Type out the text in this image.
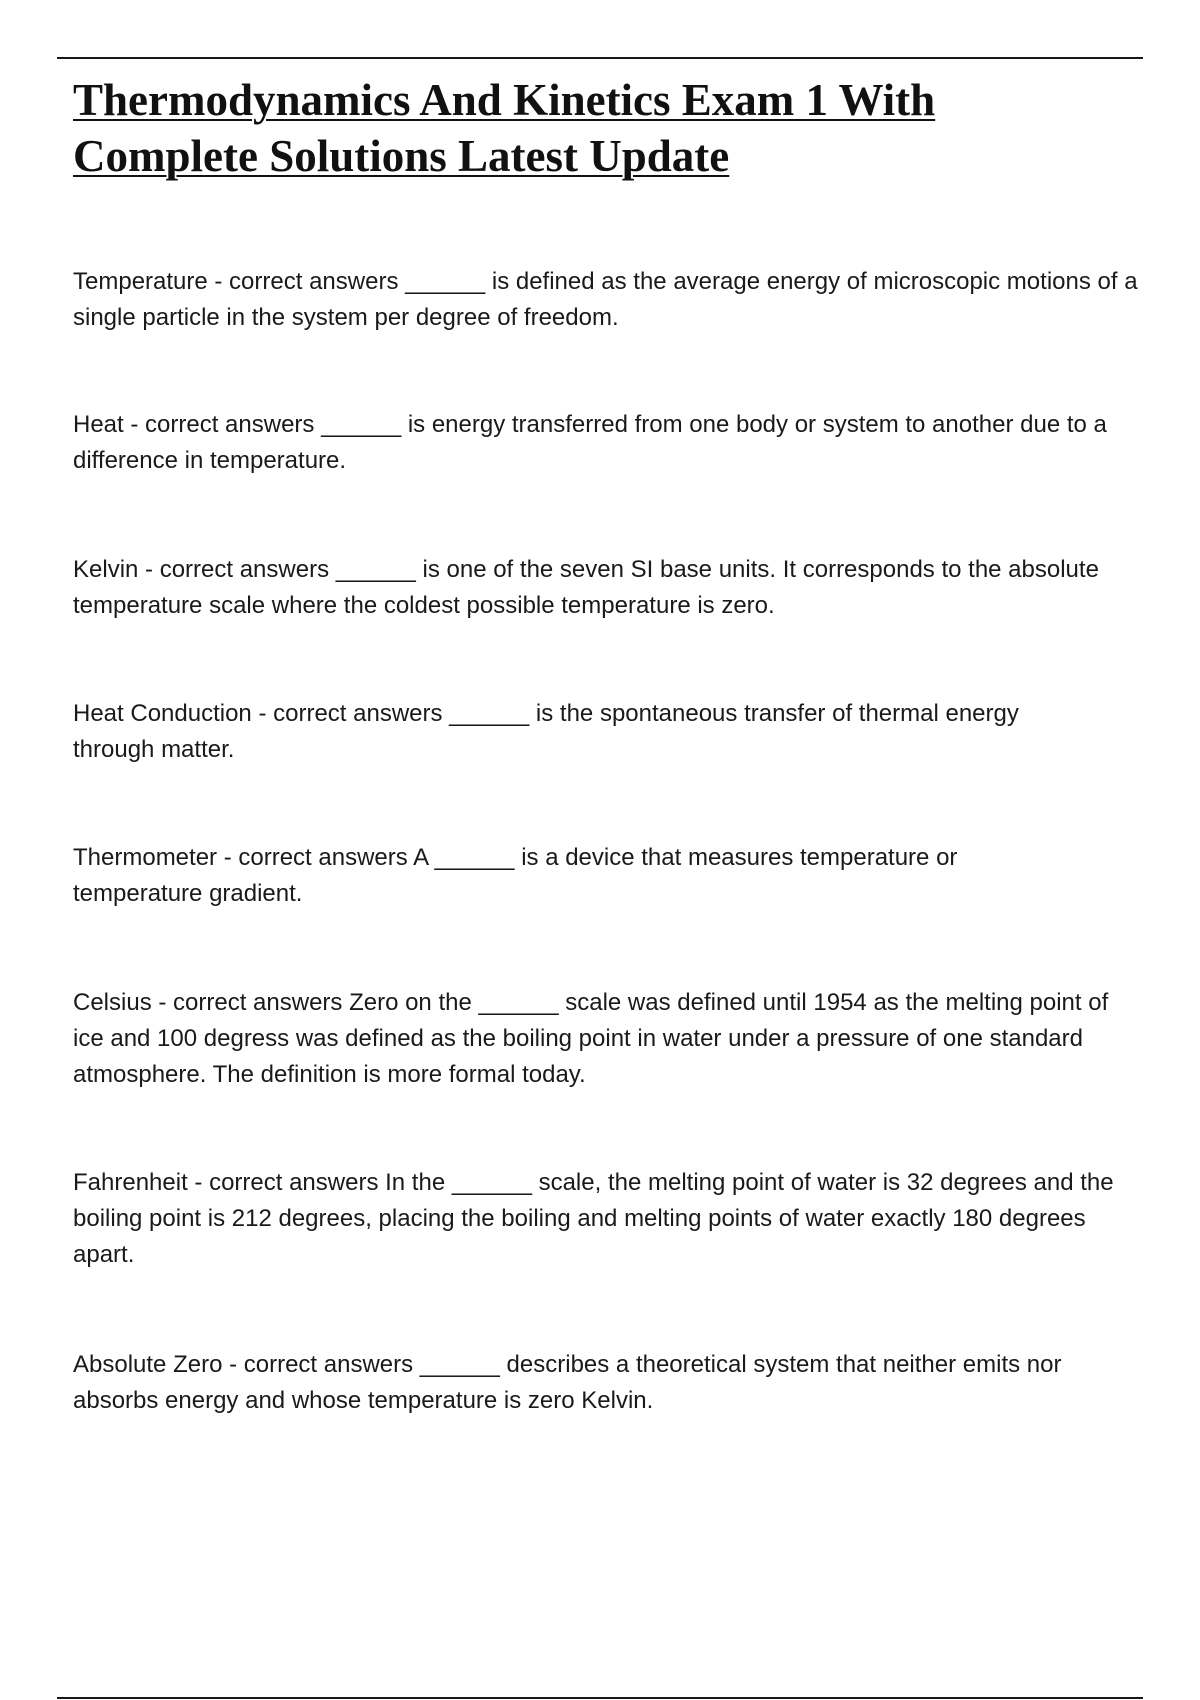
Thermodynamics And Kinetics Exam 1 With
Complete Solutions Latest Update

Temperature - correct answers ______ is defined as the average energy of microscopic motions of a single particle in the system per degree of freedom.

Heat - correct answers ______ is energy transferred from one body or system to another due to a difference in temperature.

Kelvin - correct answers ______ is one of the seven SI base units. It corresponds to the absolute temperature scale where the coldest possible temperature is zero.

Heat Conduction - correct answers ______ is the spontaneous transfer of thermal energy through matter.

Thermometer - correct answers A ______ is a device that measures temperature or temperature gradient.

Celsius - correct answers Zero on the ______ scale was defined until 1954 as the melting point of ice and 100 degress was defined as the boiling point in water under a pressure of one standard atmosphere. The definition is more formal today.

Fahrenheit - correct answers In the ______ scale, the melting point of water is 32 degrees and the boiling point is 212 degrees, placing the boiling and melting points of water exactly 180 degrees apart.

Absolute Zero - correct answers ______ describes a theoretical system that neither emits nor absorbs energy and whose temperature is zero Kelvin.
